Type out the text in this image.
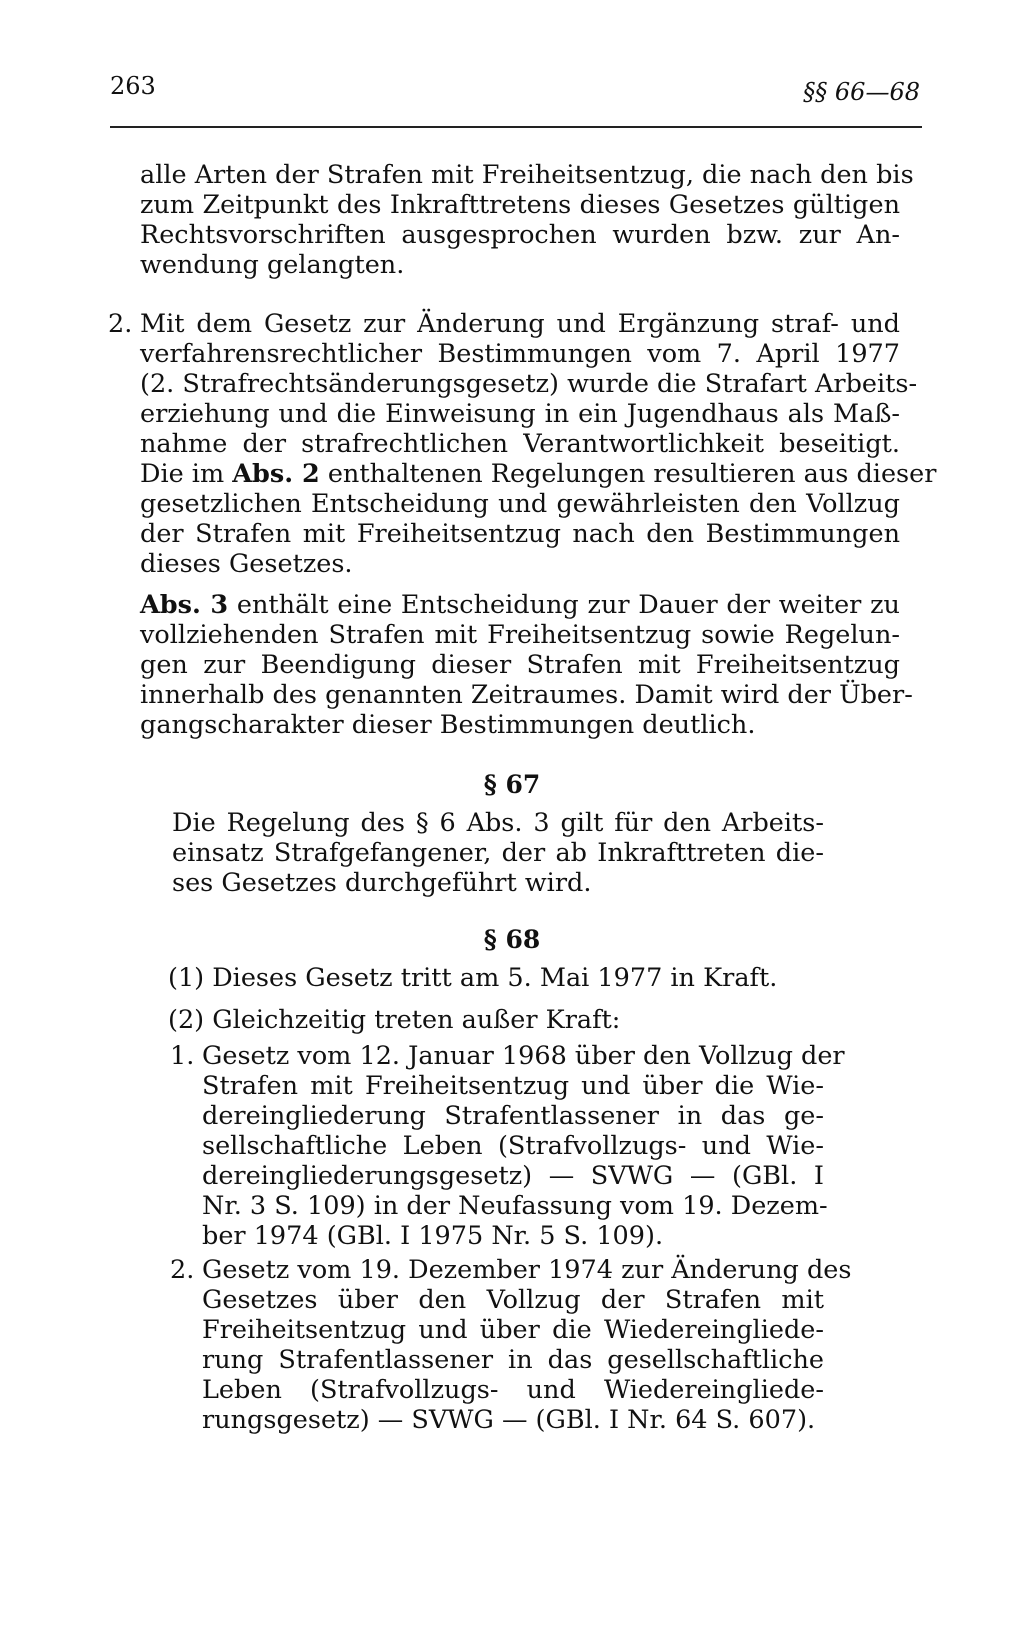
263	§§ 66—68
alle Arten der Strafen mit Freiheitsentzug, die nach den bis
zum Zeitpunkt des Inkrafttretens dieses Gesetzes gültigen
Rechtsvorschriften ausgesprochen wurden bzw. zur An-
wendung gelangten.
2. Mit dem Gesetz zur Änderung und Ergänzung straf- und
verfahrensrechtlicher Bestimmungen vom 7. April 1977
(2. Strafrechtsänderungsgesetz) wurde die Strafart Arbeits-
erziehung und die Einweisung in ein Jugendhaus als Maß-
nahme der strafrechtlichen Verantwortlichkeit beseitigt.
Die im Abs. 2 enthaltenen Regelungen resultieren aus dieser
gesetzlichen Entscheidung und gewährleisten den Vollzug
der Strafen mit Freiheitsentzug nach den Bestimmungen
dieses Gesetzes.
Abs. 3 enthält eine Entscheidung zur Dauer der weiter zu
vollziehenden Strafen mit Freiheitsentzug sowie Regelun-
gen zur Beendigung dieser Strafen mit Freiheitsentzug
innerhalb des genannten Zeitraumes. Damit wird der Über-
gangscharakter dieser Bestimmungen deutlich.
§ 67
Die Regelung des § 6 Abs. 3 gilt für den Arbeits-
einsatz Strafgefangener, der ab Inkrafttreten die-
ses Gesetzes durchgeführt wird.
§ 68
(1) Dieses Gesetz tritt am 5. Mai 1977 in Kraft.
(2) Gleichzeitig treten außer Kraft:
1. Gesetz vom 12. Januar 1968 über den Vollzug der
Strafen mit Freiheitsentzug und über die Wie-
dereingliederung Strafentlassener in das ge-
sellschaftliche Leben (Strafvollzugs- und Wie-
dereingliederungsgesetz) — SVWG — (GBl. I
Nr. 3 S. 109) in der Neufassung vom 19. Dezem-
ber 1974 (GBl. I 1975 Nr. 5 S. 109).
2. Gesetz vom 19. Dezember 1974 zur Änderung des
Gesetzes über den Vollzug der Strafen mit
Freiheitsentzug und über die Wiedereingliede-
rung Strafentlassener in das gesellschaftliche
Leben (Strafvollzugs- und Wiedereingliede-
rungsgesetz) — SVWG — (GBl. I Nr. 64 S. 607).
